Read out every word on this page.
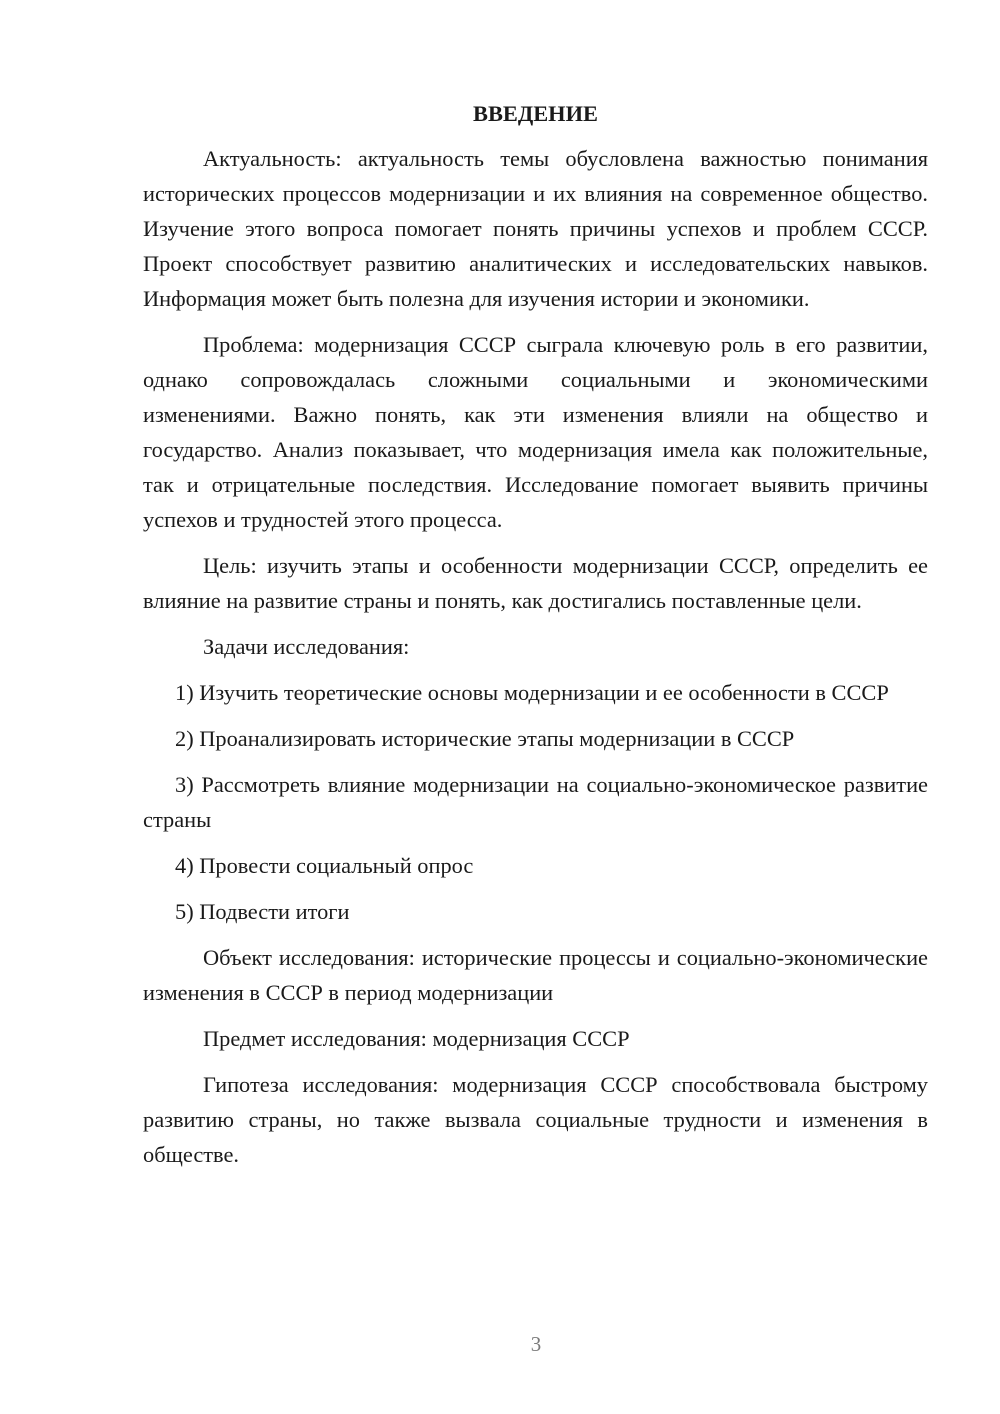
ВВЕДЕНИЕ

Актуальность: актуальность темы обусловлена важностью понимания исторических процессов модернизации и их влияния на современное общество. Изучение этого вопроса помогает понять причины успехов и проблем СССР. Проект способствует развитию аналитических и исследовательских навыков. Информация может быть полезна для изучения истории и экономики.

Проблема: модернизация СССР сыграла ключевую роль в его развитии, однако сопровождалась сложными социальными и экономическими изменениями. Важно понять, как эти изменения влияли на общество и государство. Анализ показывает, что модернизация имела как положительные, так и отрицательные последствия. Исследование помогает выявить причины успехов и трудностей этого процесса.

Цель: изучить этапы и особенности модернизации СССР, определить ее влияние на развитие страны и понять, как достигались поставленные цели.

Задачи исследования:

1) Изучить теоретические основы модернизации и ее особенности в СССР

2) Проанализировать исторические этапы модернизации в СССР

3) Рассмотреть влияние модернизации на социально-экономическое развитие страны

4) Провести социальный опрос

5) Подвести итоги

Объект исследования: исторические процессы и социально-экономические изменения в СССР в период модернизации

Предмет исследования: модернизация СССР

Гипотеза исследования: модернизация СССР способствовала быстрому развитию страны, но также вызвала социальные трудности и изменения в обществе.

3
